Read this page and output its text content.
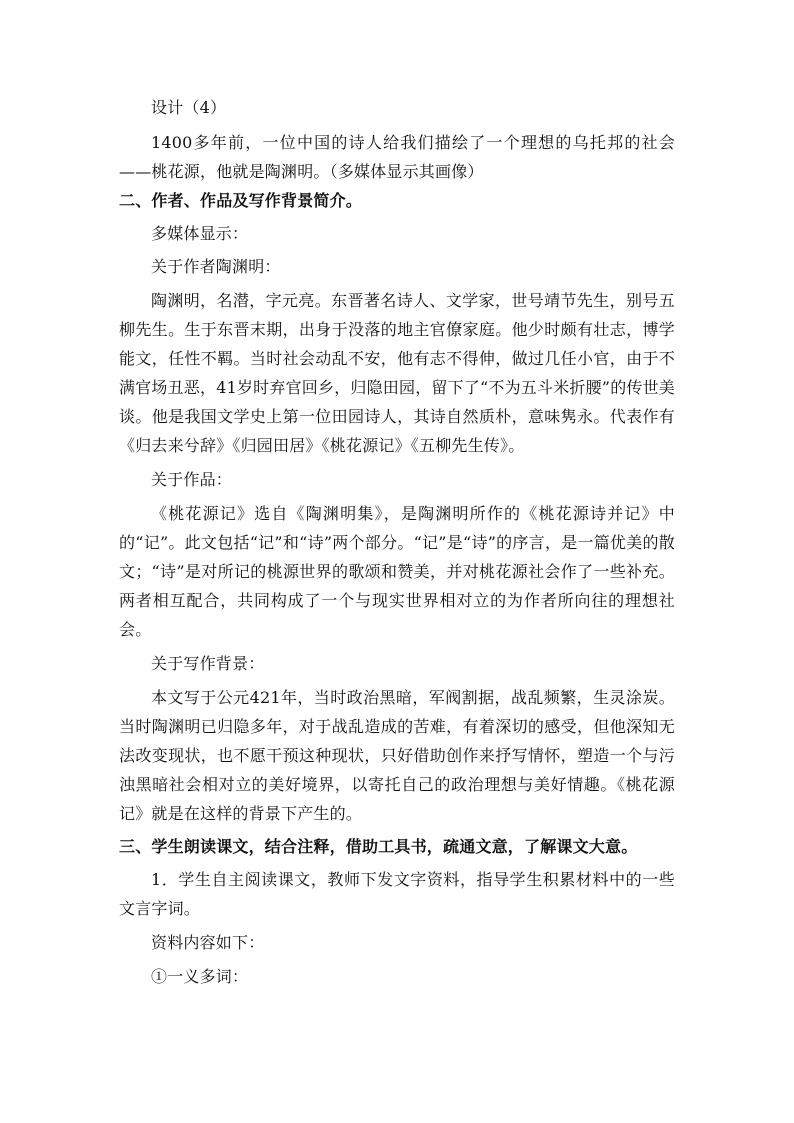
设计（4）

1400多年前，一位中国的诗人给我们描绘了一个理想的乌托邦的社会——桃花源，他就是陶渊明。（多媒体显示其画像）

二、作者、作品及写作背景简介。

多媒体显示：

关于作者陶渊明：

陶渊明，名潜，字元亮。东晋著名诗人、文学家，世号靖节先生，别号五柳先生。生于东晋末期，出身于没落的地主官僚家庭。他少时颇有壮志，博学能文，任性不羁。当时社会动乱不安，他有志不得伸，做过几任小官，由于不满官场丑恶，41岁时弃官回乡，归隐田园，留下了“不为五斗米折腰”的传世美谈。他是我国文学史上第一位田园诗人，其诗自然质朴，意味隽永。代表作有《归去来兮辞》《归园田居》《桃花源记》《五柳先生传》。

关于作品：

《桃花源记》选自《陶渊明集》，是陶渊明所作的《桃花源诗并记》中的“记”。此文包括“记”和“诗”两个部分。“记”是“诗”的序言，是一篇优美的散文；“诗”是对所记的桃源世界的歌颂和赞美，并对桃花源社会作了一些补充。两者相互配合，共同构成了一个与现实世界相对立的为作者所向往的理想社会。

关于写作背景：

本文写于公元421年，当时政治黑暗，军阀割据，战乱频繁，生灵涂炭。当时陶渊明已归隐多年，对于战乱造成的苦难，有着深切的感受，但他深知无法改变现状，也不愿干预这种现状，只好借助创作来抒写情怀，塑造一个与污浊黑暗社会相对立的美好境界，以寄托自己的政治理想与美好情趣。《桃花源记》就是在这样的背景下产生的。

三、学生朗读课文，结合注释，借助工具书，疏通文意，了解课文大意。

1．学生自主阅读课文，教师下发文字资料，指导学生积累材料中的一些文言字词。

资料内容如下：

①一义多词：
